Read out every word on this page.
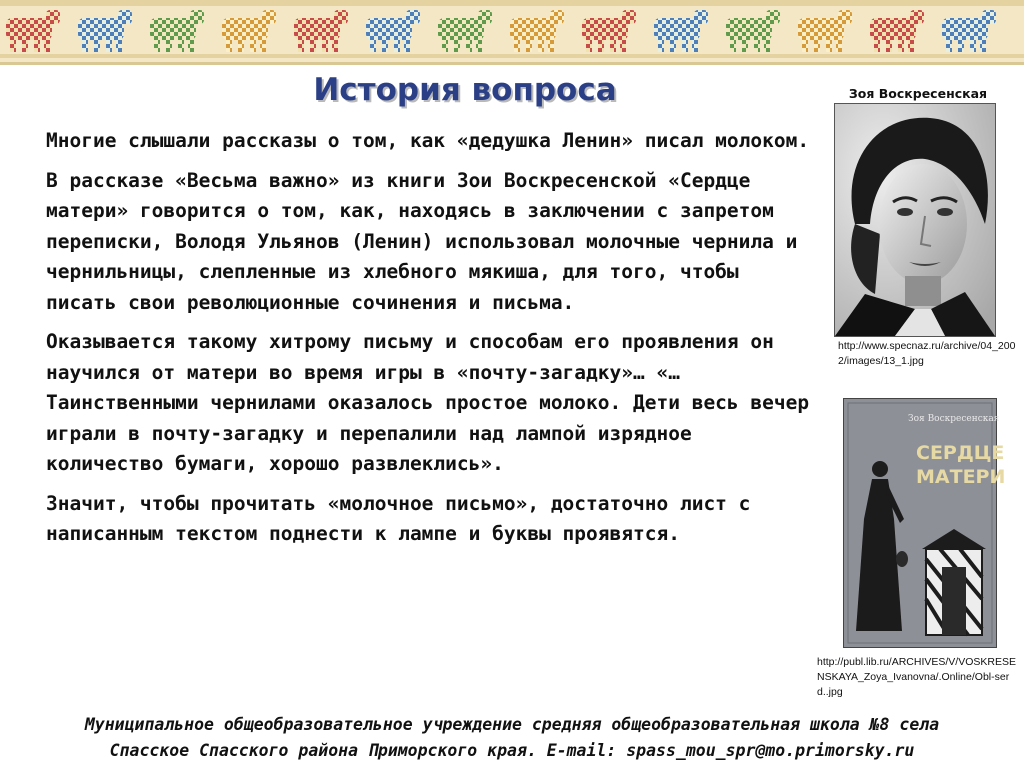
История вопроса

Многие слышали рассказы о том, как «дедушка Ленин» писал молоком.

В рассказе «Весьма важно» из книги Зои Воскресенской «Сердце матери» говорится о том, как, находясь в заключении с запретом переписки, Володя Ульянов (Ленин) использовал молочные чернила и чернильницы, слепленные из хлебного мякиша, для того, чтобы писать свои революционные сочинения и письма.

Оказывается такому хитрому письму и способам его проявления он научился от матери во время игры в «почту-загадку»… «…Таинственными чернилами оказалось простое молоко. Дети весь вечер играли в почту-загадку и перепалили над лампой изрядное количество бумаги, хорошо развлеклись».

Значит, чтобы прочитать «молочное письмо», достаточно лист с написанным текстом поднести к лампе и буквы проявятся.

Зоя Воскресенская
http://www.specnaz.ru/archive/04_2002/images/13_1.jpg
Зоя Воскресенская
СЕРДЦЕ
МАТЕРИ
http://publ.lib.ru/ARCHIVES/V/VOSKRESENSKAYA_Zoya_Ivanovna/.Online/Obl-serd..jpg
Муниципальное общеобразовательное учреждение средняя общеобразовательная школа №8 села
Спасское Спасского района Приморского края. E-mail: spass_mou_spr@mo.primorsky.ru
